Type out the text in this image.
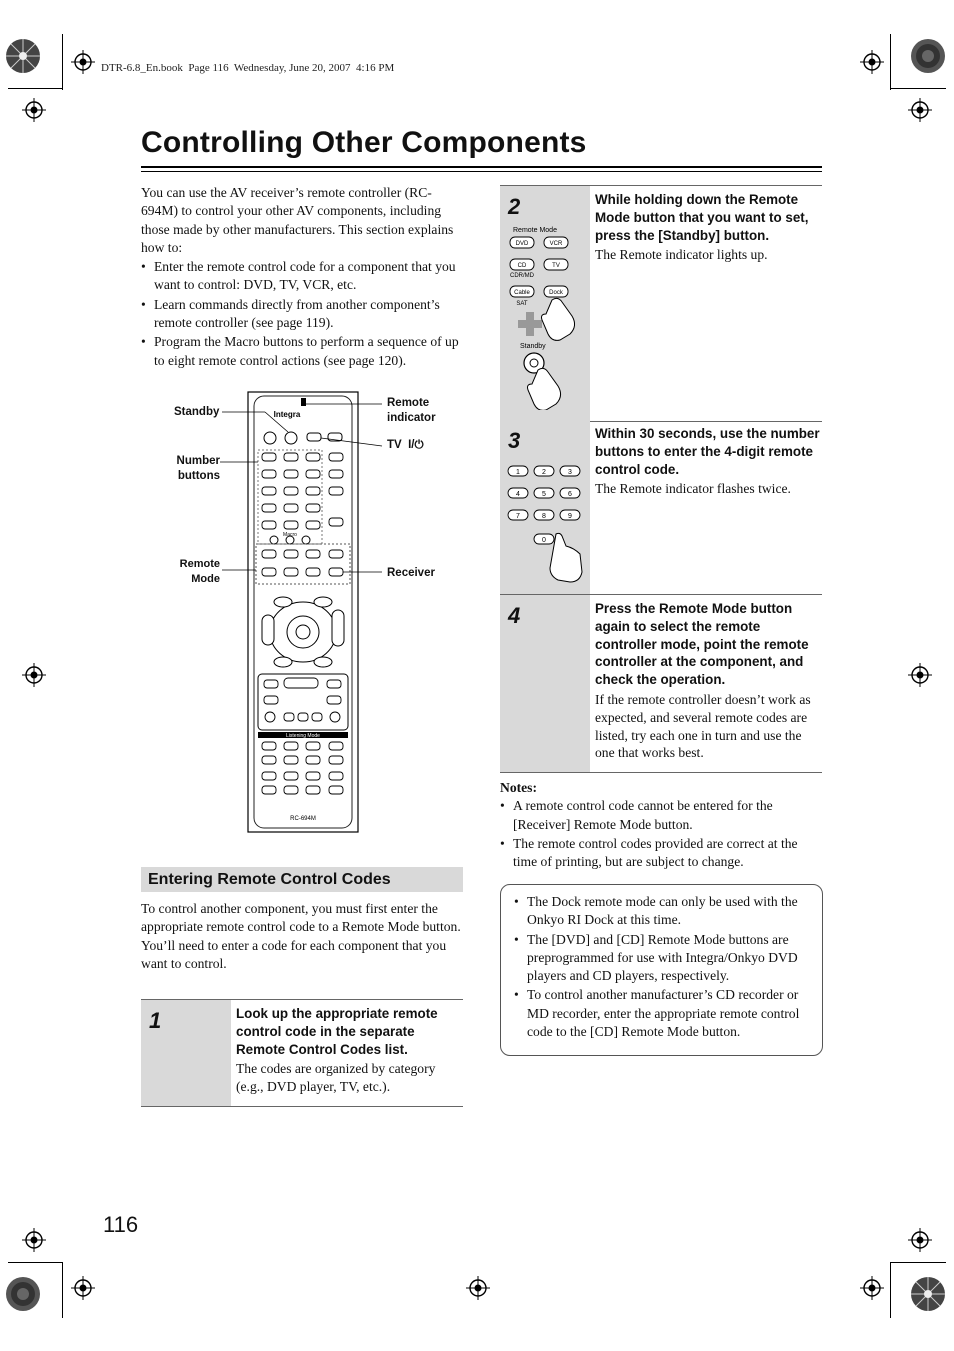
DTR-6.8_En.book  Page 116  Wednesday, June 20, 2007  4:16 PM
Controlling Other Components
You can use the AV receiver’s remote controller (RC-694M) to control your other AV components, including those made by other manufacturers. This section explains how to:
• Enter the remote control code for a component that you want to control: DVD, TV, VCR, etc.
• Learn commands directly from another component’s remote controller (see page 119).
• Program the Macro buttons to perform a sequence of up to eight remote control actions (see page 120).
Integra
Macro
Listening Mode
RC-694M
Standby
Remote indicator
TV  I/⏻
Number buttons
Remote Mode	Receiver
Entering Remote Control Codes
To control another component, you must first enter the appropriate remote control code to a Remote Mode button. You’ll need to enter a code for each component that you want to control.
1	Look up the appropriate remote control code in the separate Remote Control Codes list.
The codes are organized by category (e.g., DVD player, TV, etc.).
2
Remote Mode
DVD	VCR
CD	TV
Cable	Dock
CDR/MD
SAT
Standby
While holding down the Remote Mode button that you want to set, press the [Standby] button.
The Remote indicator lights up.
3
1	2	3
4	5	6
7	8	9
0
Within 30 seconds, use the number buttons to enter the 4-digit remote control code.
The Remote indicator flashes twice.
4	Press the Remote Mode button again to select the remote controller mode, point the remote controller at the component, and check the operation.
If the remote controller doesn’t work as expected, and several remote codes are listed, try each one in turn and use the one that works best.
Notes:
• A remote control code cannot be entered for the [Receiver] Remote Mode button.
• The remote control codes provided are correct at the time of printing, but are subject to change.
• The Dock remote mode can only be used with the Onkyo RI Dock at this time.
• The [DVD] and [CD] Remote Mode buttons are preprogrammed for use with Integra/Onkyo DVD players and CD players, respectively.
• To control another manufacturer’s CD recorder or MD recorder, enter the appropriate remote control code to the [CD] Remote Mode button.
116
